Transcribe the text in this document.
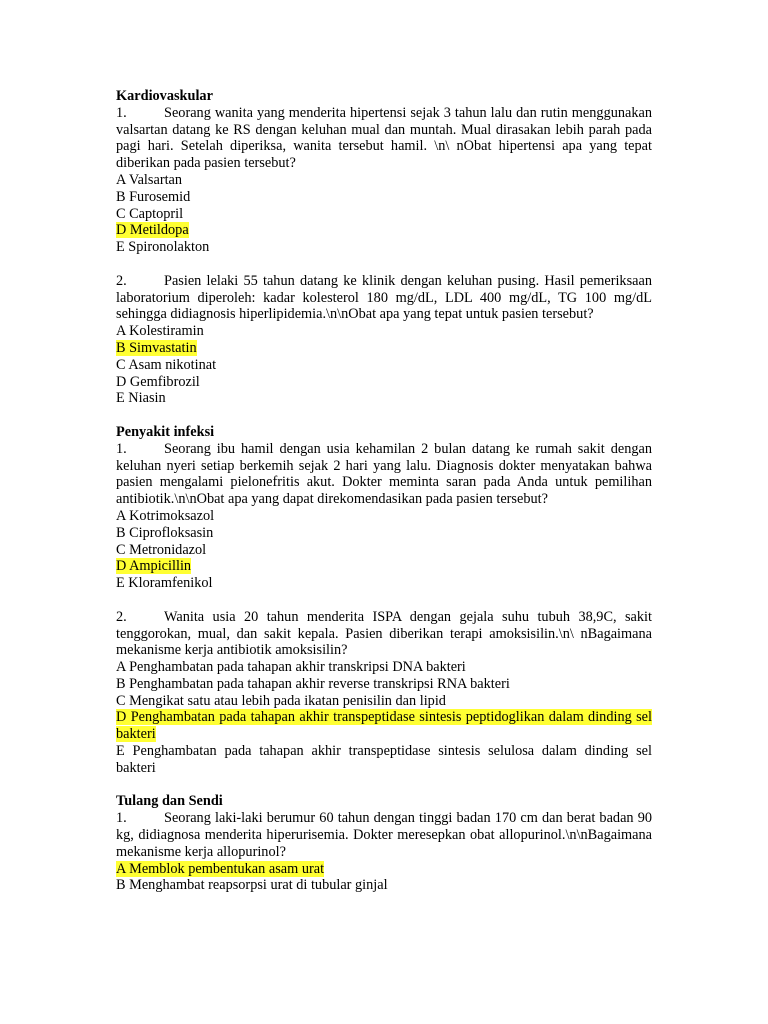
Kardiovaskular
1.	Seorang wanita yang menderita hipertensi sejak 3 tahun lalu dan rutin menggunakan valsartan datang ke RS dengan keluhan mual dan muntah. Mual dirasakan lebih parah pada pagi hari. Setelah diperiksa, wanita tersebut hamil. \n\ nObat hipertensi apa yang tepat diberikan pada pasien tersebut?
A Valsartan
B Furosemid
C Captopril
D Metildopa
E Spironolakton
2.	Pasien lelaki 55 tahun datang ke klinik dengan keluhan pusing. Hasil pemeriksaan laboratorium diperoleh: kadar kolesterol 180 mg/dL, LDL 400 mg/dL, TG 100 mg/dL sehingga didiagnosis hiperlipidemia.\n\nObat apa yang tepat untuk pasien tersebut?
A Kolestiramin
B Simvastatin
C Asam nikotinat
D Gemfibrozil
E Niasin
Penyakit infeksi
1.	Seorang ibu hamil dengan usia kehamilan 2 bulan datang ke rumah sakit dengan keluhan nyeri setiap berkemih sejak 2 hari yang lalu. Diagnosis dokter menyatakan bahwa pasien mengalami pielonefritis akut. Dokter meminta saran pada Anda untuk pemilihan antibiotik.\n\nObat apa yang dapat direkomendasikan pada pasien tersebut?
A Kotrimoksazol
B Ciprofloksasin
C Metronidazol
D Ampicillin
E Kloramfenikol
2.	Wanita usia 20 tahun menderita ISPA dengan gejala suhu tubuh 38,9C, sakit tenggorokan, mual, dan sakit kepala. Pasien diberikan terapi amoksisilin.\n\ nBagaimana mekanisme kerja antibiotik amoksisilin?
A Penghambatan pada tahapan akhir transkripsi DNA bakteri
B Penghambatan pada tahapan akhir reverse transkripsi RNA bakteri
C Mengikat satu atau lebih pada ikatan penisilin dan lipid
D Penghambatan pada tahapan akhir transpeptidase sintesis peptidoglikan dalam dinding sel bakteri
E Penghambatan pada tahapan akhir transpeptidase sintesis selulosa dalam dinding sel bakteri
Tulang dan Sendi
1.	Seorang laki-laki berumur 60 tahun dengan tinggi badan 170 cm dan berat badan 90 kg, didiagnosa menderita hiperurisemia. Dokter meresepkan obat allopurinol.\n\nBagaimana mekanisme kerja allopurinol?
A Memblok pembentukan asam urat
B Menghambat reapsorpsi urat di tubular ginjal
